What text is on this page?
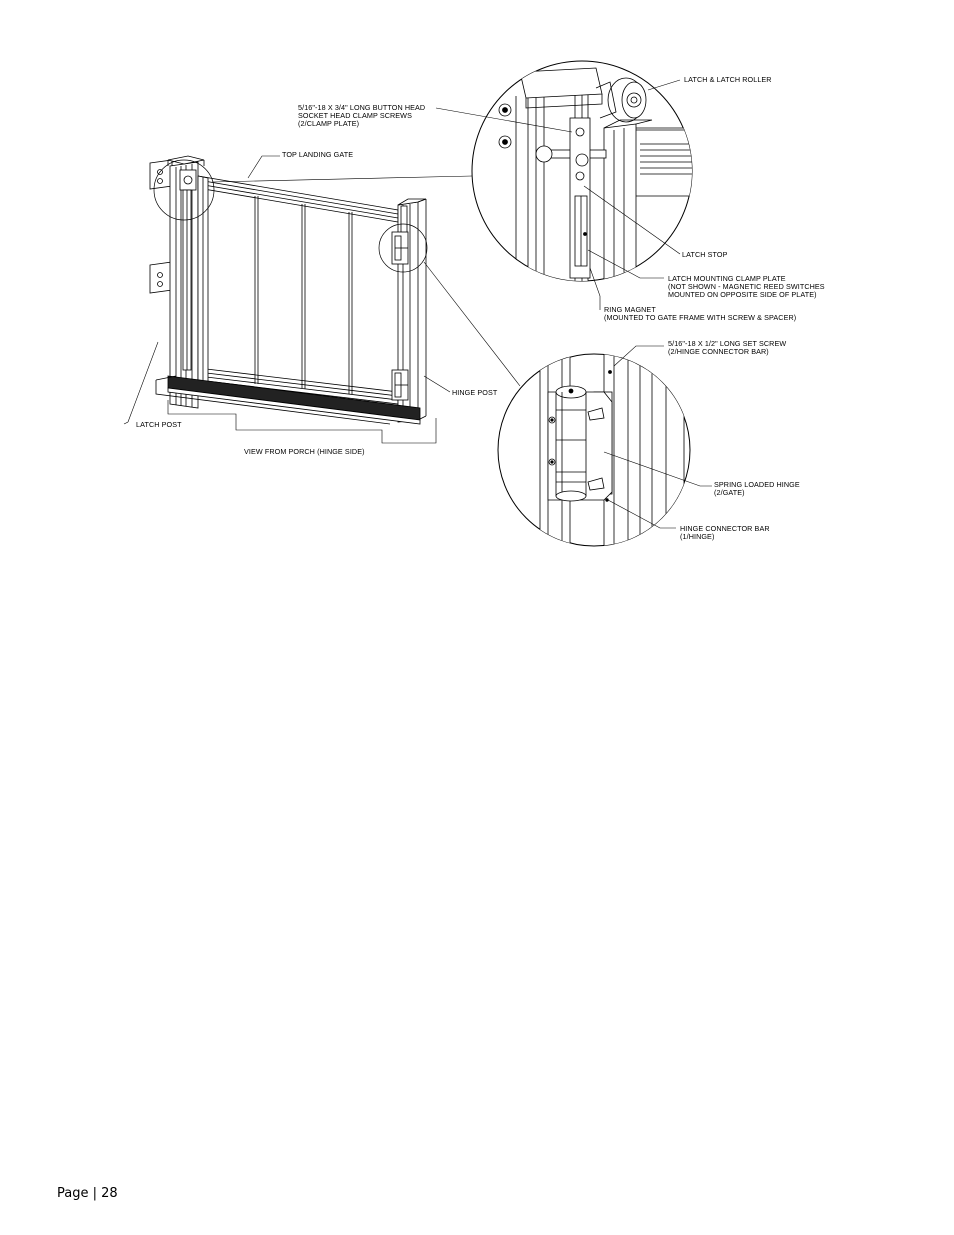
LATCH & LATCH ROLLER
5/16"-18 X 3/4" LONG BUTTON HEAD
SOCKET HEAD CLAMP SCREWS
(2/CLAMP PLATE)
TOP LANDING GATE
LATCH STOP
LATCH MOUNTING CLAMP PLATE
(NOT SHOWN - MAGNETIC REED SWITCHES
MOUNTED ON OPPOSITE SIDE OF PLATE)
RING MAGNET
(MOUNTED TO GATE FRAME WITH SCREW & SPACER)
5/16"-18 X 1/2" LONG SET SCREW
(2/HINGE CONNECTOR BAR)
HINGE POST
LATCH POST
VIEW FROM PORCH (HINGE SIDE)
SPRING LOADED HINGE
(2/GATE)
HINGE CONNECTOR BAR
(1/HINGE)
Page | 28
